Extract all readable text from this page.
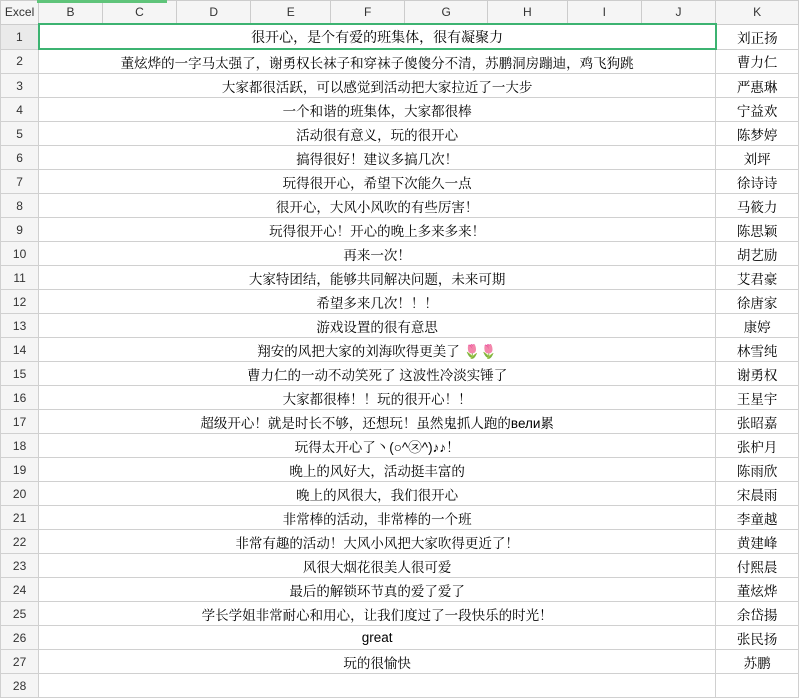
Excel	B	C	D	E	F	G	H	I	J	K
1	很开心，是个有爱的班集体，很有凝聚力									刘正扬
2	董炫烨的一字马太强了，谢勇权长袜子和穿袜子傻傻分不清，苏鹏洞房蹦迪，鸡飞狗跳									曹力仁
3	大家都很活跃，可以感觉到活动把大家拉近了一大步									严惠琳
4	一个和谐的班集体，大家都很棒									宁益欢
5	活动很有意义，玩的很开心									陈梦婷
6	搞得很好！建议多搞几次！									刘坪
7	玩得很开心，希望下次能久一点									徐诗诗
8	很开心，大风小风吹的有些厉害！									马筱力
9	玩得很开心！开心的晚上多来多来！									陈思颖
10	再来一次！									胡艺励
11	大家特团结，能够共同解决问题，未来可期									艾君豪
12	希望多来几次！！！									徐唐家
13	游戏设置的很有意思									康婷
14	翔安的风把大家的刘海吹得更美了 🌷🌷									林雪纯
15	曹力仁的一动不动笑死了 这波性冷淡实锤了									谢勇权
16	大家都很棒！！玩的很开心！！									王星宇
17	超级开心！就是时长不够，还想玩！虽然鬼抓人跑的вели累									张昭嘉
18	玩得太开心了丶(○^㉨^)♪♪！									张枦月
19	晚上的风好大，活动挺丰富的									陈雨欣
20	晚上的风很大，我们很开心									宋晨雨
21	非常棒的活动，非常棒的一个班									李童越
22	非常有趣的活动！大风小风把大家吹得更近了！									黄建峰
23	风很大烟花很美人很可爱									付熙晨
24	最后的解锁环节真的爱了爱了									董炫烨
25	学长学姐非常耐心和用心，让我们度过了一段快乐的时光！									余岱揚
26	great									张民扬
27	玩的很愉快									苏鹏
28										
